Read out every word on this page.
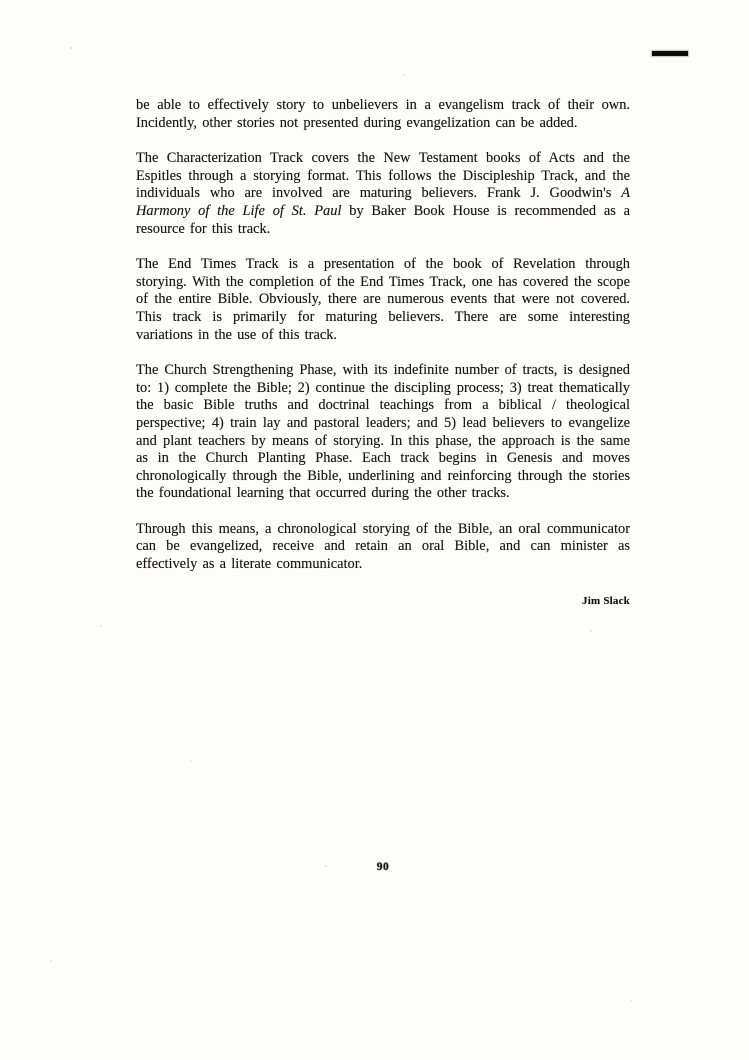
be able to effectively story to unbelievers in a evangelism track of their own. Incidently, other stories not presented during evangelization can be added.

The Characterization Track covers the New Testament books of Acts and the Espitles through a storying format. This follows the Discipleship Track, and the individuals who are involved are maturing believers. Frank J. Goodwin's A Harmony of the Life of St. Paul by Baker Book House is recommended as a resource for this track.

The End Times Track is a presentation of the book of Revelation through storying. With the completion of the End Times Track, one has covered the scope of the entire Bible. Obviously, there are numerous events that were not covered. This track is primarily for maturing believers. There are some interesting variations in the use of this track.

The Church Strengthening Phase, with its indefinite number of tracts, is designed to: 1) complete the Bible; 2) continue the discipling process; 3) treat thematically the basic Bible truths and doctrinal teachings from a biblical / theological perspective; 4) train lay and pastoral leaders; and 5) lead believers to evangelize and plant teachers by means of storying. In this phase, the approach is the same as in the Church Planting Phase. Each track begins in Genesis and moves chronologically through the Bible, underlining and reinforcing through the stories the foundational learning that occurred during the other tracks.

Through this means, a chronological storying of the Bible, an oral communicator can be evangelized, receive and retain an oral Bible, and can minister as effectively as a literate communicator.

Jim Slack
90
